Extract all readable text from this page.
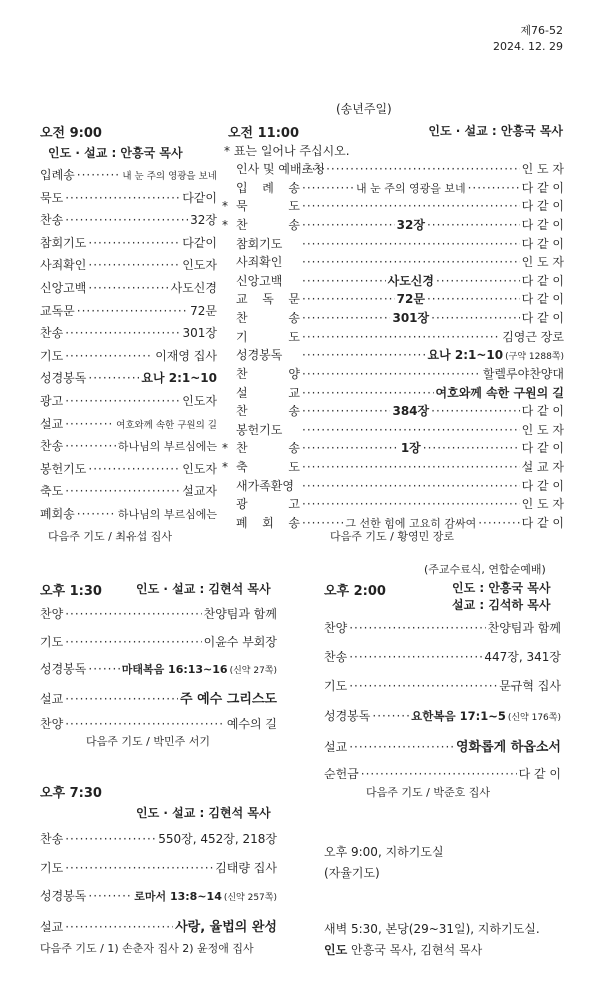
제76-52
2024. 12. 29
(송년주일)
오전 9:00
인도 · 설교 : 안흥국 목사
입례송 ·····	내 눈 주의 영광을 보네
묵도 ·····	다같이
찬송 ·····	32장
참회기도 ·····	다같이
사죄확인 ·····	인도자
신앙고백 ·····	사도신경
교독문 ·····	72문
찬송 ·····	301장
기도 ·····	이재영 집사
성경봉독 ·····	요나 2:1~10
광고 ·····	인도자
설교 ·····	여호와께 속한 구원의 길
찬송 ·····	하나님의 부르심에는
봉헌기도 ·····	인도자
축도 ·····	설교자
폐회송 ·····	하나님의 부르심에는
다음주 기도 / 최유섭 집사
오전 11:00	인도 · 설교 : 안흥국 목사
* 표는 일어나 주십시오.
인사 및 예배초청 ·····	인 도 자
입 례 송 ·····	내 눈 주의 영광을 보네 ·····	다 같 이
* 묵 도 ·····	다 같 이
* 찬 송 ·····	32장 ·····	다 같 이
참회기도 ·····	다 같 이
사죄확인 ·····	인 도 자
신앙고백 ·····	사도신경 ·····	다 같 이
교 독 문 ·····	72문 ·····	다 같 이
찬 송 ·····	301장 ·····	다 같 이
기 도 ·····	김영근 장로
성경봉독 ·····	요나 2:1~10 (구약 1288쪽)
찬 양 ·····	할렐루야찬양대
설 교 ·····	여호와께 속한 구원의 길
찬 송 ·····	384장 ·····	다 같 이
봉헌기도 ·····	인 도 자
* 찬 송 ·····	1장 ·····	다 같 이
* 축 도 ·····	설 교 자
새가족환영 ·····	다 같 이
광 고 ·····	인 도 자
폐 회 송 ·····	그 선한 힘에 고요히 감싸여 ·····	다 같 이
다음주 기도 / 황영민 장로
오후 1:30	인도 · 설교 : 김현석 목사
찬양 ·····	찬양팀과 함께
기도 ·····	이윤수 부회장
성경봉독 ·····	마태복음 16:13~16 (신약 27쪽)
설교 ·····	주 예수 그리스도
찬양 ·····	예수의 길
다음주 기도 / 박민주 서기
(주교수료식, 연합순예배)
오후 2:00	인도 : 안흥국 목사
설교 : 김석하 목사
찬양 ·····	찬양팀과 함께
찬송 ·····	447장, 341장
기도 ·····	문규혁 집사
성경봉독 ·····	요한복음 17:1~5 (신약 176쪽)
설교 ·····	영화롭게 하옵소서
순헌금 ·····	다 같 이
다음주 기도 / 박준호 집사
오후 7:30
인도 · 설교 : 김현석 목사
찬송 ·····	550장, 452장, 218장
기도 ·····	김태량 집사
성경봉독 ·····	로마서 13:8~14 (신약 257쪽)
설교 ·····	사랑, 율법의 완성
다음주 기도 / 1) 손춘자 집사 2) 윤정애 집사
오후 9:00, 지하기도실
(자율기도)
새벽 5:30, 본당(29~31일), 지하기도실.
인도 안흥국 목사, 김현석 목사
